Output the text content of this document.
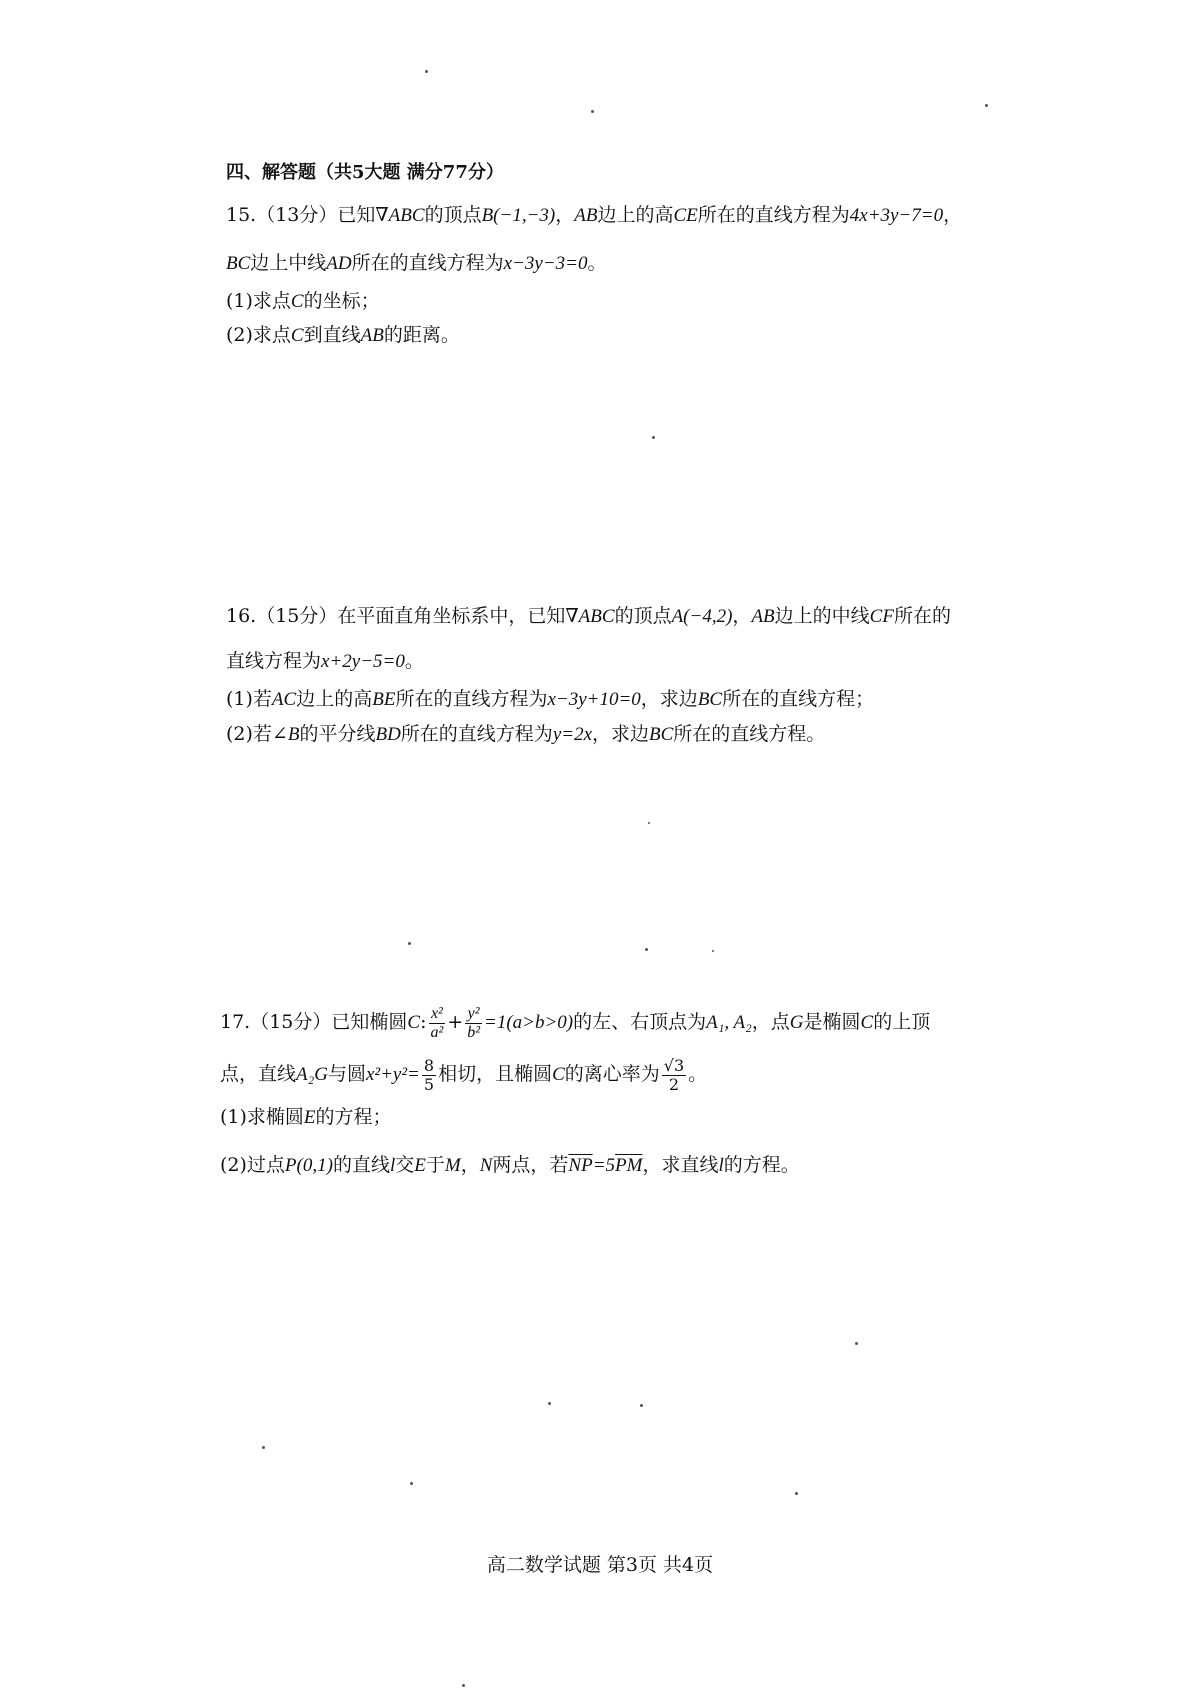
四、解答题（共5大题 满分77分）
15.（13分）已知∇ABC的顶点B(−1,−3)，AB边上的高CE所在的直线方程为4x+3y−7=0，
BC边上中线AD所在的直线方程为x−3y−3=0。
(1)求点C的坐标；
(2)求点C到直线AB的距离。
16.（15分）在平面直角坐标系中，已知∇ABC的顶点A(−4,2)，AB边上的中线CF所在的
直线方程为x+2y−5=0。
(1)若AC边上的高BE所在的直线方程为x−3y+10=0，求边BC所在的直线方程；
(2)若∠B的平分线BD所在的直线方程为y=2x，求边BC所在的直线方程。
17.（15分）已知椭圆C: $\frac{\text{x²}}{\text{a²}} + \frac{\text{y²}}{\text{b²}} =1(a>b>0)$的左、右顶点为A₁, A₂，点G是椭圆C的上顶
点，直线A₂G与圆$x^2+y^2= \frac{8}{5}$ 相切，且椭圆C的离心率为 $\frac{√3}{2}$ 。
(1)求椭圆E的方程；
(2)过点P(0,1)的直线l交E于M，N两点，若$\overline{NP}=5\overline{PM}$，求直线l的方程。
高二数学试题 第3页 共4页
